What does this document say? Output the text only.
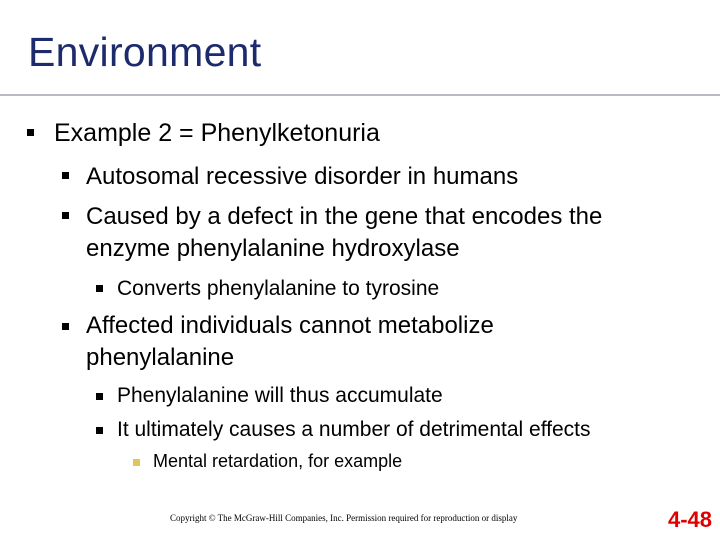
Environment
Example 2 = Phenylketonuria
Autosomal recessive disorder in humans
Caused by a defect in the gene that encodes the
enzyme phenylalanine hydroxylase
Converts phenylalanine to tyrosine
Affected individuals cannot metabolize
phenylalanine
Phenylalanine will thus accumulate
It ultimately causes a number of detrimental effects
Mental retardation, for example
Copyright © The McGraw-Hill Companies, Inc. Permission required for reproduction or display	4-48
